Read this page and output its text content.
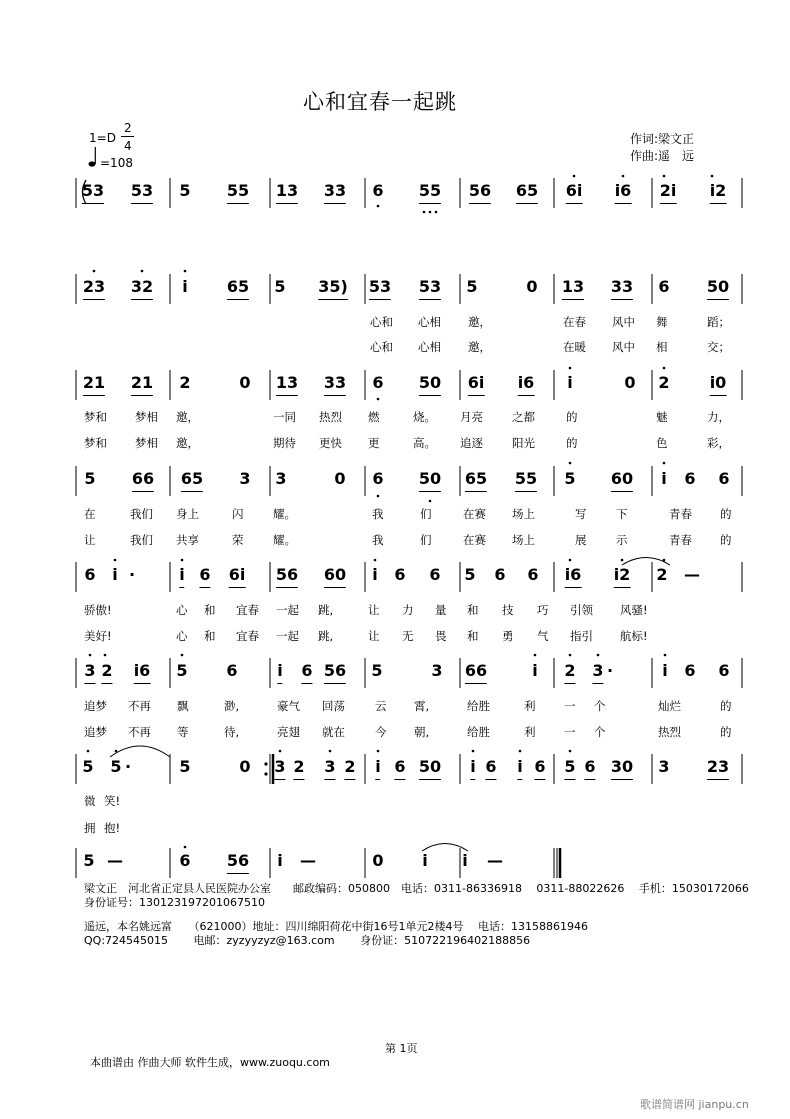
心和宜春一起跳
1=D
2
4
=108
作词:梁文正
作曲:遥　远
53 53 5 55 13 33 6 55 56 65 6i i6 2i i2
23 32 i 65 5 35) 53 53 5	0 13 33 6 50
心和 心相 邀，	在春 风中 舞	蹈；
心和 心相 邀，	在暖 风中 相	交；
21 21 2	0 13 33 6 50 6i i6 i	0 2	i0
梦和 梦相 邀，	一同 热烈 燃	烧。 月亮	之都	的	魅	力，
梦和 梦相 邀，	期待 更快 更	高。 追逐	阳光	的	色	彩，
5 66 65 3 3	0 6 50 65 55 5 60 i 6 6
在	我们 身上	闪	耀。	我	们	在赛 场上	写	下	青春 的
让	我们 共享	荣	耀。	我	们	在赛 场上	展	示	青春 的
6 i ·	i 6 6i 56 60 i 6 6 5 6 6 i6 i2 2 —
骄傲!	心 和 宜春 一起 跳,	让 力 量 和 技 巧 引领 风骚!
美好!	心 和 宜春 一起 跳,	让 无 畏 和 勇 气 指引 航标!
3 2 i6 5 6 i 6 56 5	3 66	i 2 3 ·	i 6 6
追梦 不再 飘	渺,	豪气 回荡	云 霄,	给胜	利 一 个	灿烂	的
追梦 不再 等	待,	亮翅 就在	今 朝,	给胜	利 一 个	热烈	的
5 5 ·	5	0 3 2 3 2 i 6 50 i 6 i 6 5 6 30 3 23
微 笑!
拥 抱!
5 —	6 56 i —	0 i i —
梁文正　河北省正定县人民医院办公室　　邮政编码：050800　电话：0311-86336918　 0311-88022626　 手机：15030172066
身份证号：130123197201067510
遥远，本名姚远富　　（621000）地址：四川绵阳荷花中街16号1单元2楼4号　 电话：13158861946
QQ:724545015　　 电邮：zyzyyzyz@163.com　　 身份证：510722196402188856
第 1页
本曲谱由 作曲大师 软件生成，www.zuoqu.com
歌谱简谱网 jianpu.cn
